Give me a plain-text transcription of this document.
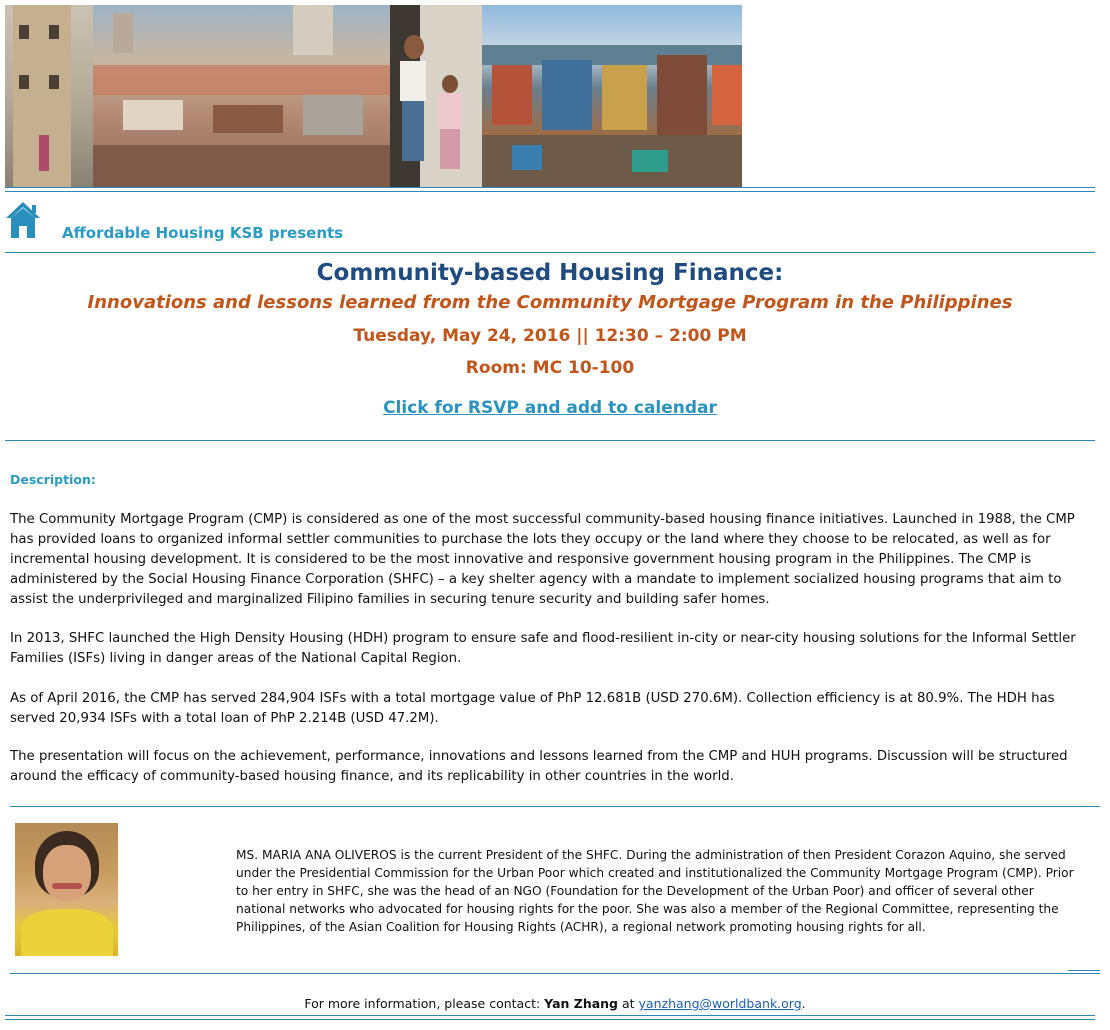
Affordable Housing KSB presents
Community-based Housing Finance:
Innovations and lessons learned from the Community Mortgage Program in the Philippines
Tuesday, May 24, 2016 || 12:30 – 2:00 PM
Room: MC 10-100
Click for RSVP and add to calendar
Description:
The Community Mortgage Program (CMP) is considered as one of the most successful community-based housing finance initiatives. Launched in 1988, the CMP has provided loans to organized informal settler communities to purchase the lots they occupy or the land where they choose to be relocated, as well as for incremental housing development. It is considered to be the most innovative and responsive government housing program in the Philippines. The CMP is administered by the Social Housing Finance Corporation (SHFC) – a key shelter agency with a mandate to implement socialized housing programs that aim to assist the underprivileged and marginalized Filipino families in securing tenure security and building safer homes.
In 2013, SHFC launched the High Density Housing (HDH) program to ensure safe and flood-resilient in-city or near-city housing solutions for the Informal Settler Families (ISFs) living in danger areas of the National Capital Region.
As of April 2016, the CMP has served 284,904 ISFs with a total mortgage value of PhP 12.681B (USD 270.6M). Collection efficiency is at 80.9%. The HDH has served 20,934 ISFs with a total loan of PhP 2.214B (USD 47.2M).
The presentation will focus on the achievement, performance, innovations and lessons learned from the CMP and HUH programs. Discussion will be structured around the efficacy of community-based housing finance, and its replicability in other countries in the world.
MS. MARIA ANA OLIVEROS is the current President of the SHFC. During the administration of then President Corazon Aquino, she served under the Presidential Commission for the Urban Poor which created and institutionalized the Community Mortgage Program (CMP). Prior to her entry in SHFC, she was the head of an NGO (Foundation for the Development of the Urban Poor) and officer of several other national networks who advocated for housing rights for the poor. She was also a member of the Regional Committee, representing the Philippines, of the Asian Coalition for Housing Rights (ACHR), a regional network promoting housing rights for all.
For more information, please contact: Yan Zhang at yanzhang@worldbank.org.
